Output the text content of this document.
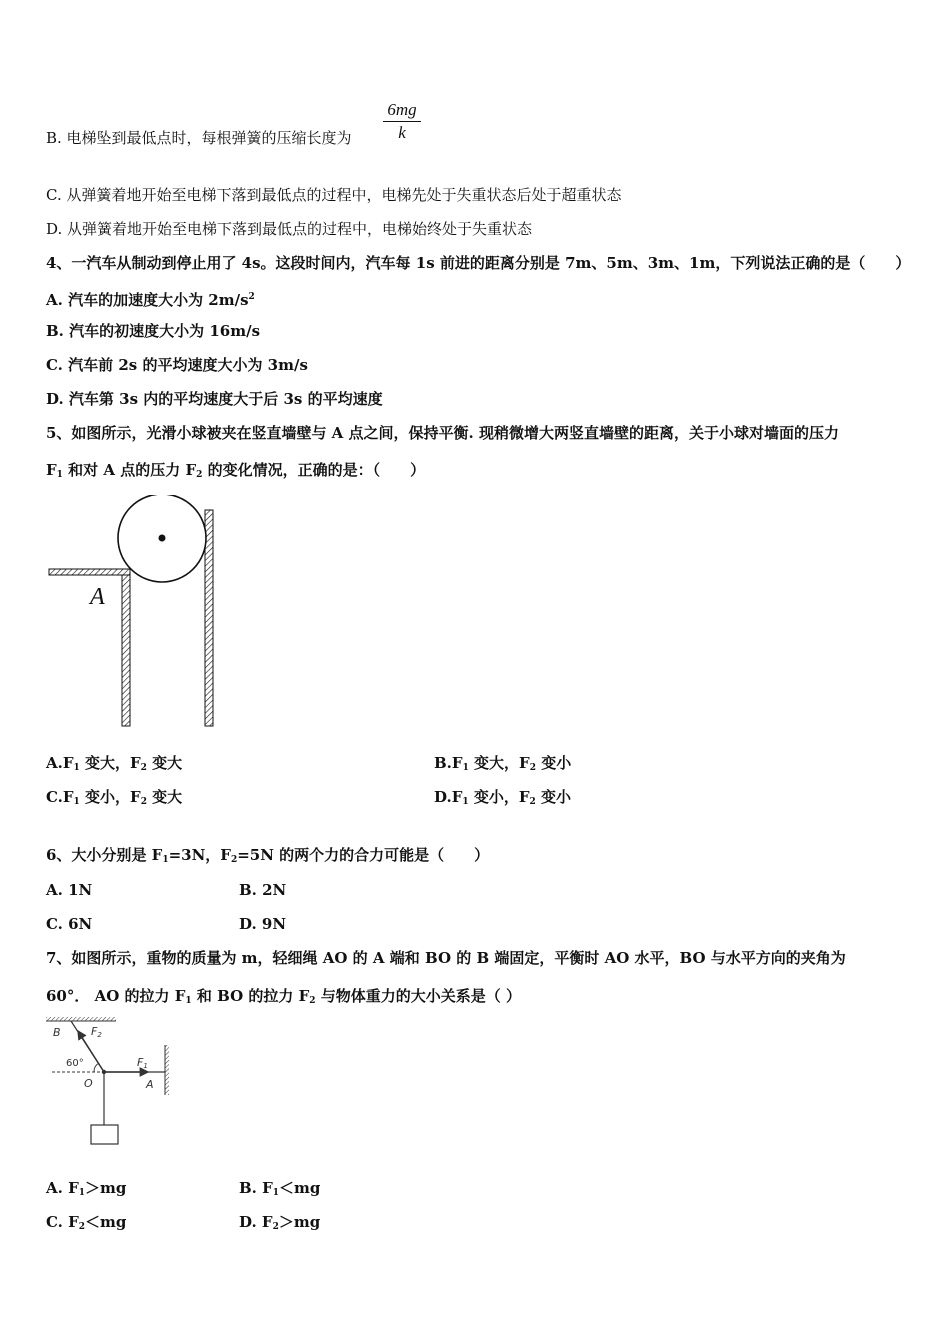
B. 电梯坠到最低点时，每根弹簧的压缩长度为 $\frac{6mg}{k}$
C. 从弹簧着地开始至电梯下落到最低点的过程中，电梯先处于失重状态后处于超重状态
D. 从弹簧着地开始至电梯下落到最低点的过程中，电梯始终处于失重状态
4、一汽车从制动到停止用了 4s。这段时间内，汽车每 1s 前进的距离分别是 7m、5m、3m、1m，下列说法正确的是（　　）
A. 汽车的加速度大小为 $2m/s^2$
B. 汽车的初速度大小为 16m/s
C. 汽车前 2s 的平均速度大小为 3m/s
D. 汽车第 3s 内的平均速度大于后 3s 的平均速度
5、如图所示，光滑小球被夹在竖直墙壁与 A 点之间，保持平衡. 现稍微增大两竖直墙壁的距离，关于小球对墙面的压力
$F_1$ 和对 A 点的压力 $F_2$ 的变化情况，正确的是：（　　）
A
$A.F_1$ 变大，$F_2$ 变大	$B.F_1$ 变大，$F_2$ 变小
$C.F_1$ 变小，$F_2$ 变大	$D.F_1$ 变小，$F_2$ 变小
6、大小分别是 $F_1=3N$，$F_2=5N$ 的两个力的合力可能是（　　）
A. 1N	B. 2N
C. 6N	D. 9N
7、如图所示，重物的质量为 m，轻细绳 AO 的 A 端和 BO 的 B 端固定，平衡时 AO 水平，BO 与水平方向的夹角为
60°． AO 的拉力 $F_1$ 和 BO 的拉力 $F_2$ 与物体重力的大小关系是（ ）
B	F2
60°
O
F1
A
A. $F_1>mg$	B. $F_1<mg$
C. $F_2<mg$	D. $F_2>mg$
